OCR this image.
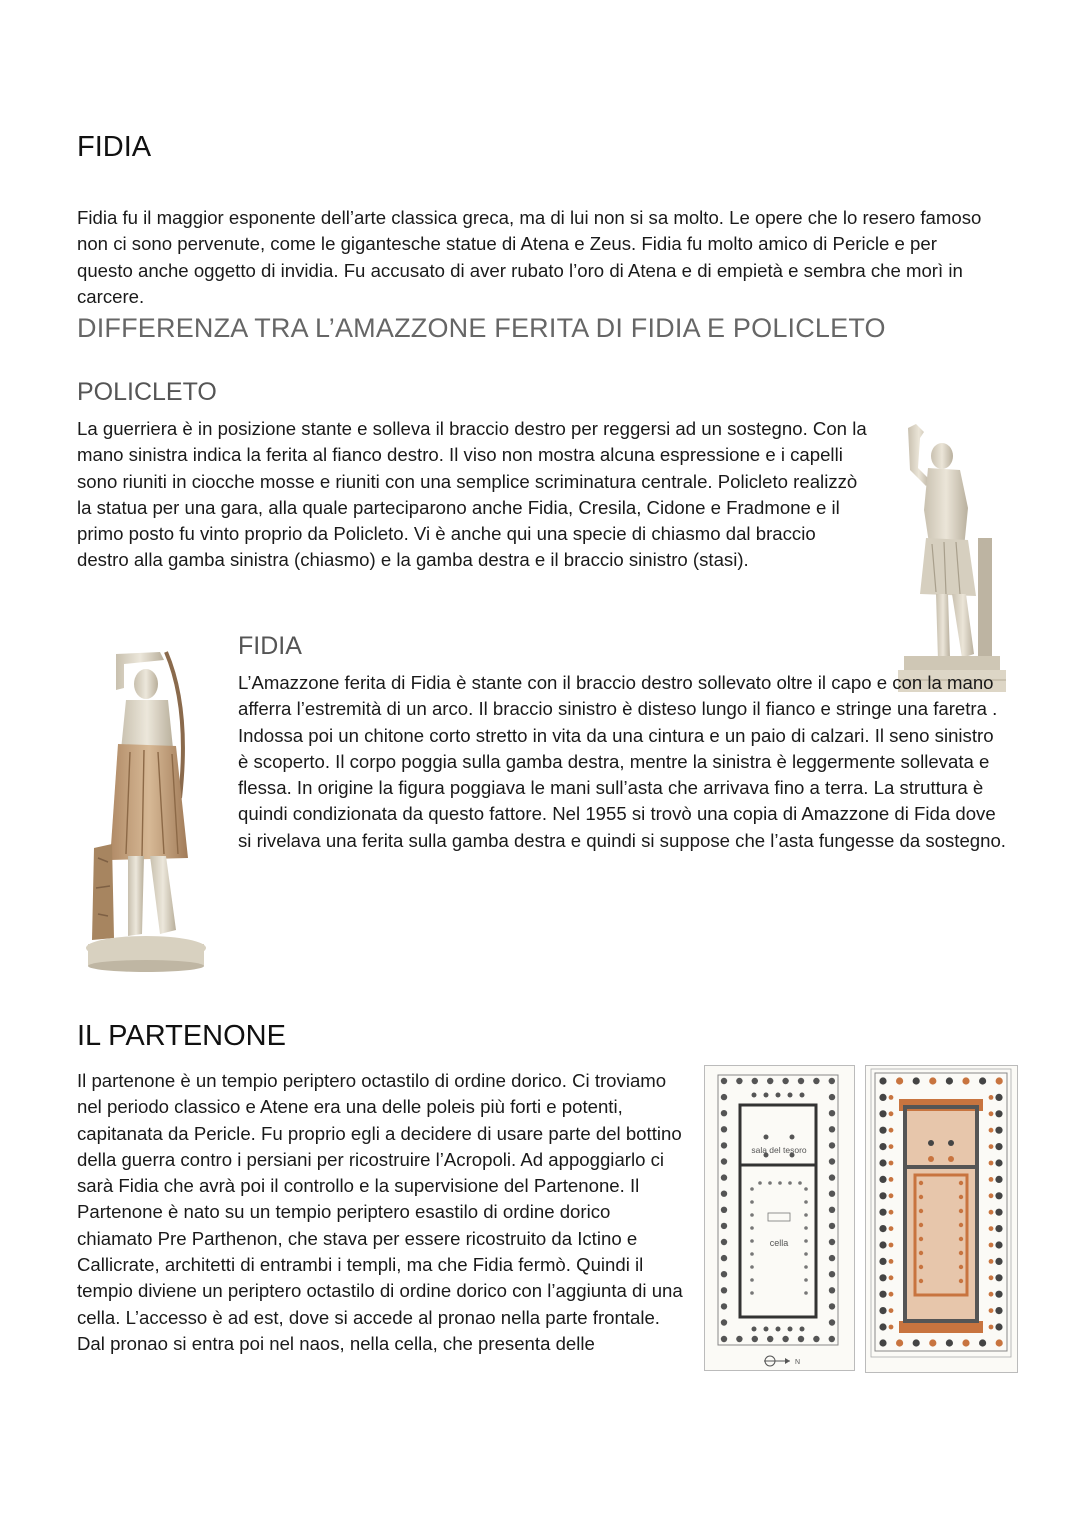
FIDIA

Fidia fu il maggior esponente dell’arte classica greca, ma di lui non si sa molto. Le opere che lo resero famoso non ci sono pervenute, come le gigantesche statue di Atena e Zeus. Fidia fu molto amico di Pericle e per questo anche oggetto di invidia. Fu accusato di aver rubato l’oro di Atena e di empietà e sembra che morì in carcere.

DIFFERENZA TRA L’AMAZZONE FERITA DI FIDIA E POLICLETO
POLICLETO

La guerriera è in posizione stante e solleva il braccio destro per reggersi ad un sostegno. Con la mano sinistra indica la ferita al fianco destro. Il viso non mostra alcuna espressione e i capelli sono riuniti in ciocche mosse e riuniti con una semplice scriminatura centrale. Policleto realizzò la statua per una gara, alla quale parteciparono anche Fidia, Cresila, Cidone e Fradmone e il primo posto fu vinto proprio da Policleto. Vi è anche qui una specie di chiasmo dal braccio destro alla gamba sinistra (chiasmo) e la gamba destra e il braccio sinistro (stasi).

FIDIA

L’Amazzone ferita di Fidia è stante con il braccio destro sollevato oltre il capo e con la mano afferra l’estremità di un arco. Il braccio sinistro è disteso lungo il fianco e stringe una faretra . Indossa poi un chitone corto stretto in vita da una cintura e un paio di calzari. Il seno sinistro è scoperto. Il corpo poggia sulla gamba destra, mentre la sinistra è leggermente sollevata e flessa. In origine la figura poggiava le mani sull’asta che arrivava fino a terra. La struttura è quindi condizionata da questo fattore. Nel 1955 si trovò una copia di Amazzone di Fida dove si rivelava una ferita sulla gamba destra e quindi si suppose che l’asta fungesse da sostegno.

IL PARTENONE

Il partenone è un tempio periptero octastilo di ordine dorico. Ci troviamo nel periodo classico e Atene era una delle poleis più forti e potenti, capitanata da Pericle. Fu proprio egli a decidere di usare parte del bottino della guerra contro i persiani per ricostruire l’Acropoli. Ad appoggiarlo ci sarà Fidia che avrà poi il controllo e la supervisione del Partenone. Il Partenone è nato su un tempio periptero esastilo di ordine dorico chiamato Pre Parthenon, che stava per essere ricostruito da Ictino e Callicrate, architetti di entrambi i templi, ma che Fidia fermò. Quindi il tempio diviene un periptero octastilo di ordine dorico con l’aggiunta di una cella. L’accesso è ad est, dove si accede al pronao nella parte frontale. Dal pronao si entra poi nel naos, nella cella, che presenta delle

sala del tesoro
cella
N
